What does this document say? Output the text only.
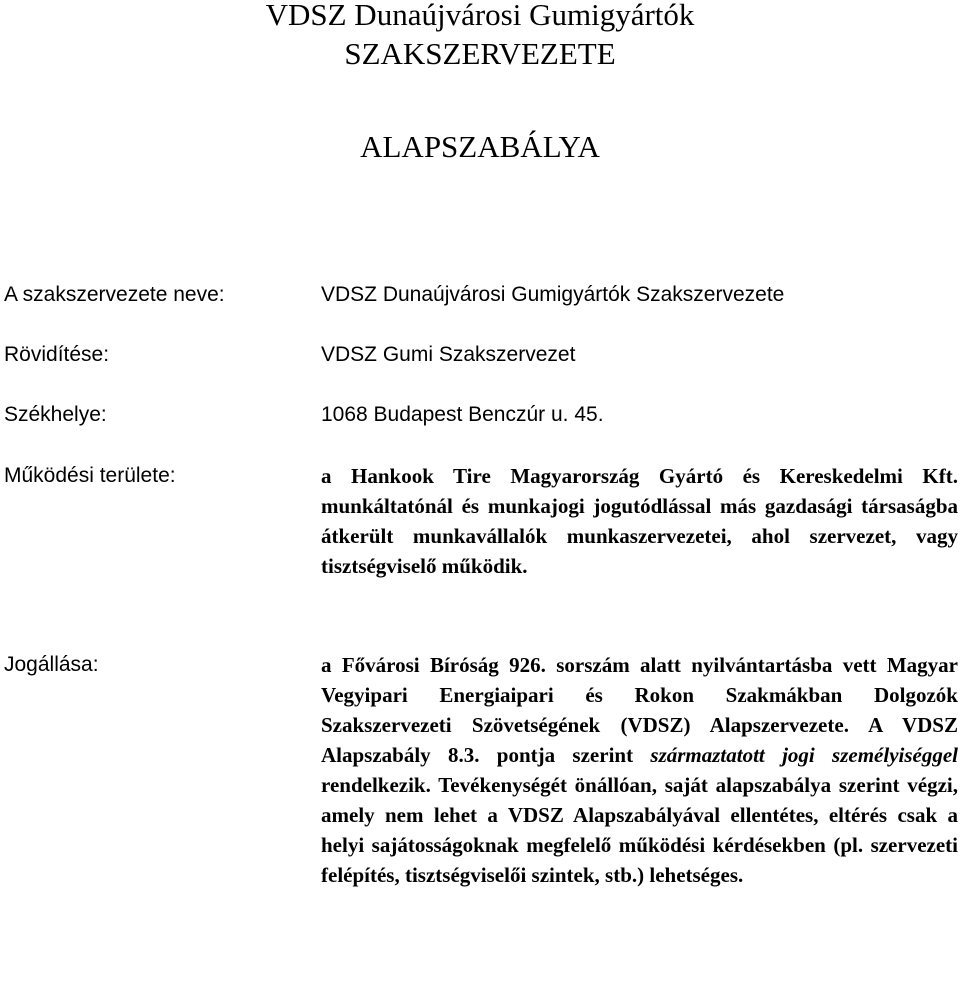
VDSZ Dunaújvárosi Gumigyártók
SZAKSZERVEZETE
ALAPSZABÁLYA
A szakszervezete neve:	VDSZ Dunaújvárosi Gumigyártók Szakszervezete
Rövidítése:	VDSZ Gumi Szakszervezet
Székhelye:	1068 Budapest Benczúr u. 45.
Működési területe:	a Hankook Tire Magyarország Gyártó és Kereskedelmi Kft. munkáltatónál és munkajogi jogutódlással más gazdasági társaságba átkerült munkavállalók munkaszervezetei, ahol szervezet, vagy tisztségviselő működik.
Jogállása:	a Fővárosi Bíróság 926. sorszám alatt nyilvántartásba vett Magyar Vegyipari Energiaipari és Rokon Szakmákban Dolgozók Szakszervezeti Szövetségének (VDSZ) Alapszervezete. A VDSZ Alapszabály 8.3. pontja szerint származtatott jogi személyiséggel rendelkezik. Tevékenységét önállóan, saját alapszabálya szerint végzi, amely nem lehet a VDSZ Alapszabályával ellentétes, eltérés csak a helyi sajátosságoknak megfelelő működési kérdésekben (pl. szervezeti felépítés, tisztségviselői szintek, stb.) lehetséges.
